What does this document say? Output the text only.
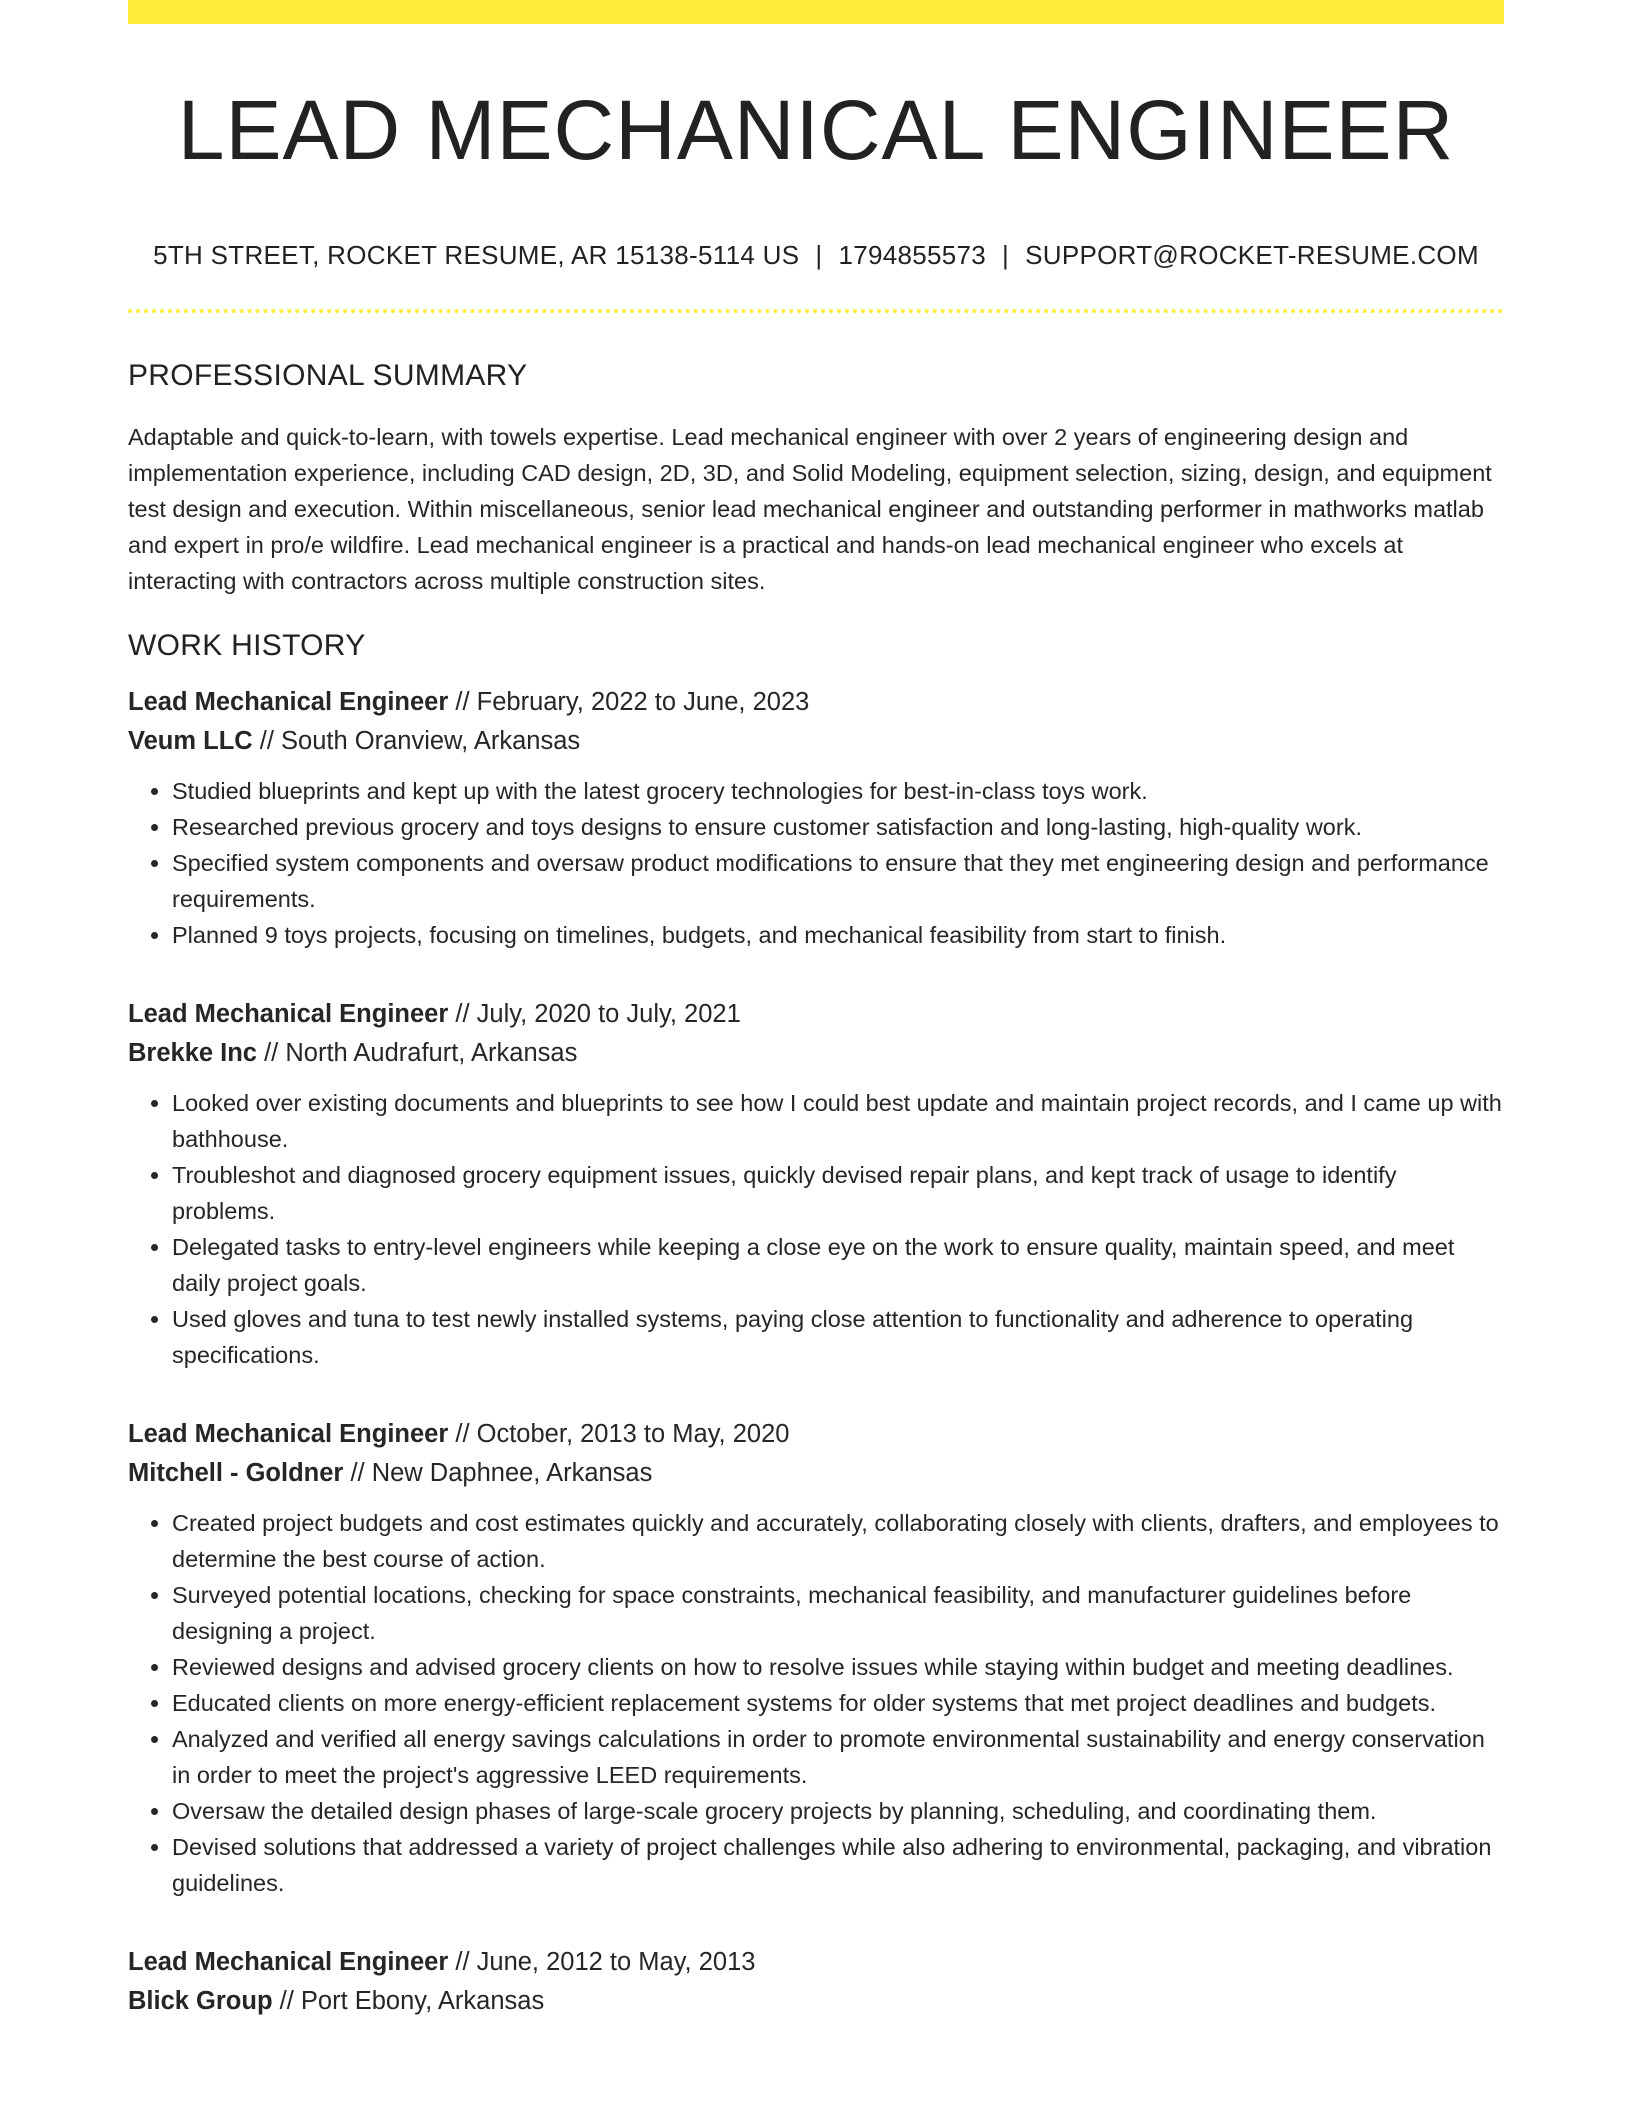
LEAD MECHANICAL ENGINEER
5TH STREET, ROCKET RESUME, AR 15138-5114 US | 1794855573 | SUPPORT@ROCKET-RESUME.COM
PROFESSIONAL SUMMARY
Adaptable and quick-to-learn, with towels expertise. Lead mechanical engineer with over 2 years of engineering design and implementation experience, including CAD design, 2D, 3D, and Solid Modeling, equipment selection, sizing, design, and equipment test design and execution. Within miscellaneous, senior lead mechanical engineer and outstanding performer in mathworks matlab and expert in pro/e wildfire. Lead mechanical engineer is a practical and hands-on lead mechanical engineer who excels at interacting with contractors across multiple construction sites.
WORK HISTORY
Lead Mechanical Engineer // February, 2022 to June, 2023
Veum LLC // South Oranview, Arkansas
• Studied blueprints and kept up with the latest grocery technologies for best-in-class toys work.
• Researched previous grocery and toys designs to ensure customer satisfaction and long-lasting, high-quality work.
• Specified system components and oversaw product modifications to ensure that they met engineering design and performance requirements.
• Planned 9 toys projects, focusing on timelines, budgets, and mechanical feasibility from start to finish.
Lead Mechanical Engineer // July, 2020 to July, 2021
Brekke Inc // North Audrafurt, Arkansas
• Looked over existing documents and blueprints to see how I could best update and maintain project records, and I came up with bathhouse.
• Troubleshot and diagnosed grocery equipment issues, quickly devised repair plans, and kept track of usage to identify problems.
• Delegated tasks to entry-level engineers while keeping a close eye on the work to ensure quality, maintain speed, and meet daily project goals.
• Used gloves and tuna to test newly installed systems, paying close attention to functionality and adherence to operating specifications.
Lead Mechanical Engineer // October, 2013 to May, 2020
Mitchell - Goldner // New Daphnee, Arkansas
• Created project budgets and cost estimates quickly and accurately, collaborating closely with clients, drafters, and employees to determine the best course of action.
• Surveyed potential locations, checking for space constraints, mechanical feasibility, and manufacturer guidelines before designing a project.
• Reviewed designs and advised grocery clients on how to resolve issues while staying within budget and meeting deadlines.
• Educated clients on more energy-efficient replacement systems for older systems that met project deadlines and budgets.
• Analyzed and verified all energy savings calculations in order to promote environmental sustainability and energy conservation in order to meet the project's aggressive LEED requirements.
• Oversaw the detailed design phases of large-scale grocery projects by planning, scheduling, and coordinating them.
• Devised solutions that addressed a variety of project challenges while also adhering to environmental, packaging, and vibration guidelines.
Lead Mechanical Engineer // June, 2012 to May, 2013
Blick Group // Port Ebony, Arkansas
